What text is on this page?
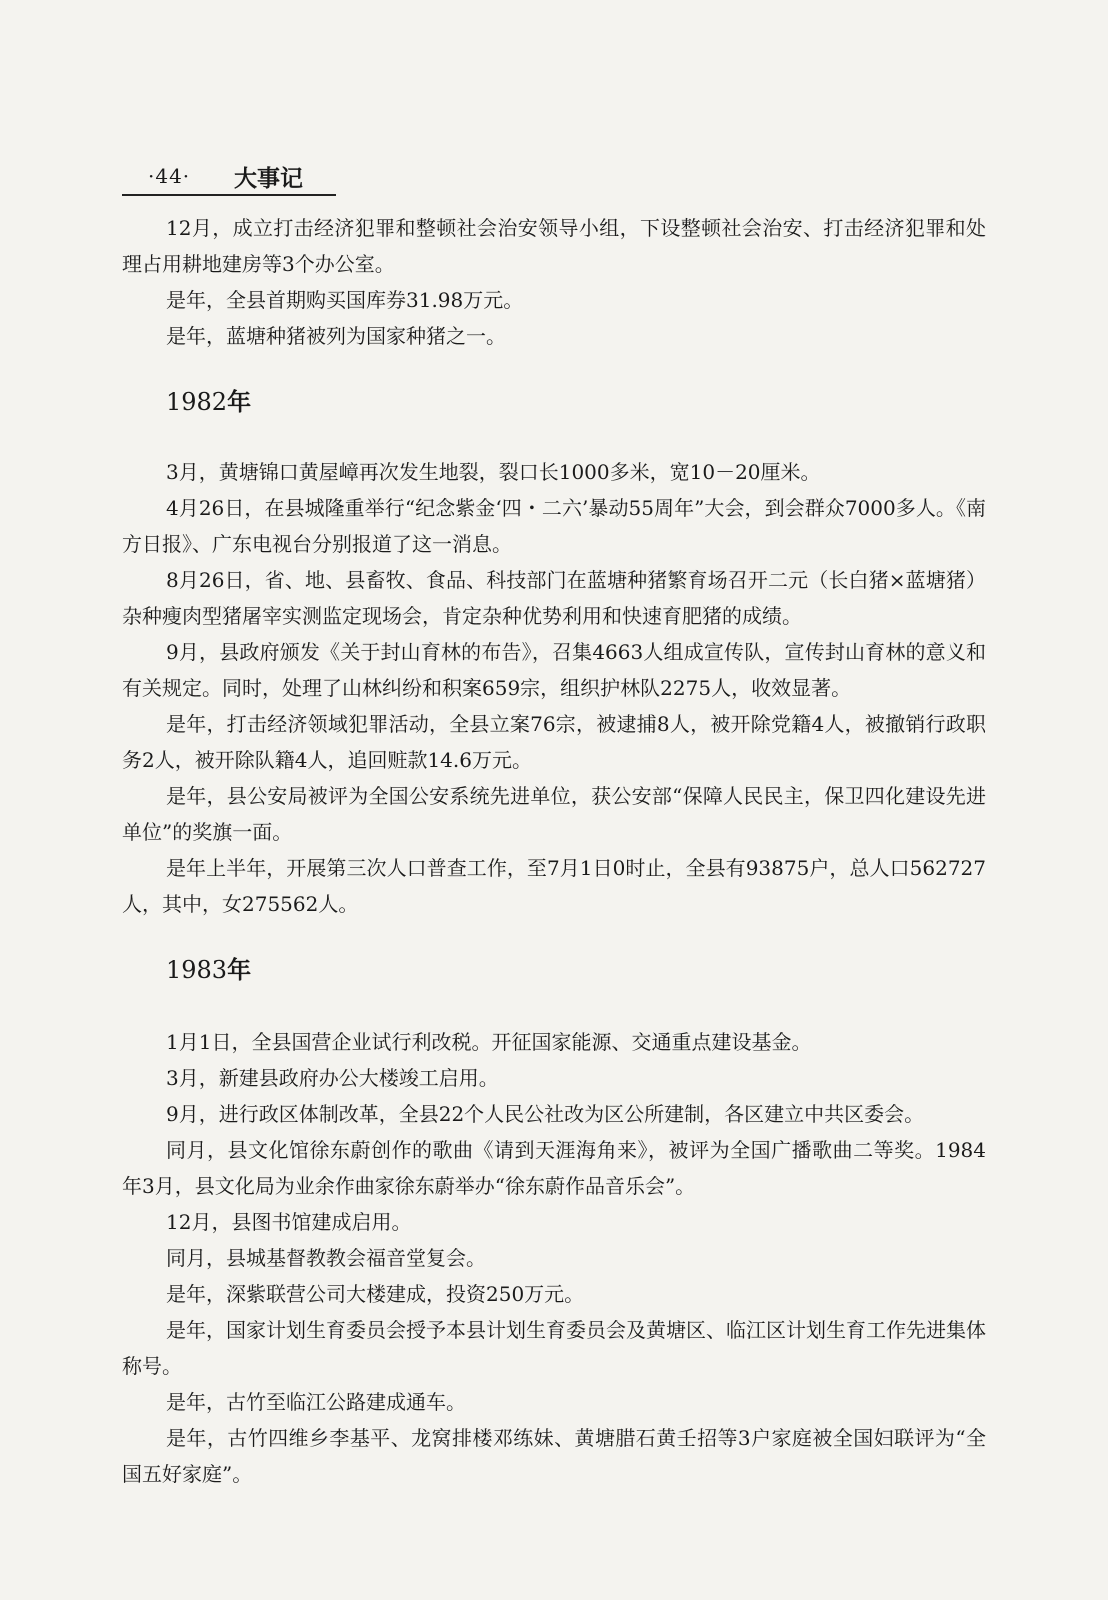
·44· 大事记

12月，成立打击经济犯罪和整顿社会治安领导小组，下设整顿社会治安、打击经济犯罪和处理占用耕地建房等3个办公室。

是年，全县首期购买国库券31.98万元。

是年，蓝塘种猪被列为国家种猪之一。

1982年

3月，黄塘锦口黄屋嶂再次发生地裂，裂口长1000多米，宽10－20厘米。

4月26日，在县城隆重举行“纪念紫金‘四・二六’暴动55周年”大会，到会群众7000多人。《南方日报》、广东电视台分别报道了这一消息。

8月26日，省、地、县畜牧、食品、科技部门在蓝塘种猪繁育场召开二元（长白猪×蓝塘猪）杂种瘦肉型猪屠宰实测监定现场会，肯定杂种优势利用和快速育肥猪的成绩。

9月，县政府颁发《关于封山育林的布告》，召集4663人组成宣传队，宣传封山育林的意义和有关规定。同时，处理了山林纠纷和积案659宗，组织护林队2275人，收效显著。

是年，打击经济领域犯罪活动，全县立案76宗，被逮捕8人，被开除党籍4人，被撤销行政职务2人，被开除队籍4人，追回赃款14.6万元。

是年，县公安局被评为全国公安系统先进单位，获公安部“保障人民民主，保卫四化建设先进单位”的奖旗一面。

是年上半年，开展第三次人口普查工作，至7月1日0时止，全县有93875户，总人口562727人，其中，女275562人。

1983年

1月1日，全县国营企业试行利改税。开征国家能源、交通重点建设基金。

3月，新建县政府办公大楼竣工启用。

9月，进行政区体制改革，全县22个人民公社改为区公所建制，各区建立中共区委会。

同月，县文化馆徐东蔚创作的歌曲《请到天涯海角来》，被评为全国广播歌曲二等奖。1984年3月，县文化局为业余作曲家徐东蔚举办“徐东蔚作品音乐会”。

12月，县图书馆建成启用。

同月，县城基督教教会福音堂复会。

是年，深紫联营公司大楼建成，投资250万元。

是年，国家计划生育委员会授予本县计划生育委员会及黄塘区、临江区计划生育工作先进集体称号。

是年，古竹至临江公路建成通车。

是年，古竹四维乡李基平、龙窝排楼邓练妹、黄塘腊石黄壬招等3户家庭被全国妇联评为“全国五好家庭”。
